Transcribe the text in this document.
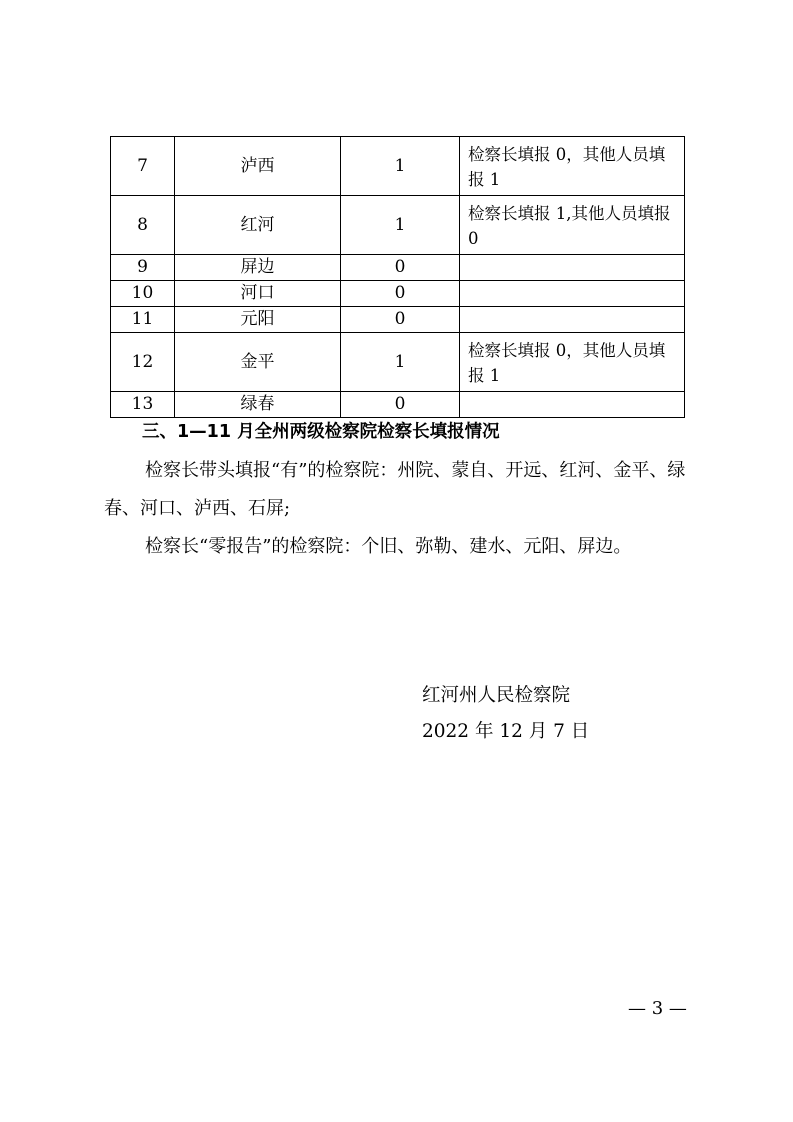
7	泸西	1	检察长填报 0，其他人员填报 1
8	红河	1	检察长填报 1,其他人员填报 0
9	屏边	0	
10	河口	0	
11	元阳	0	
12	金平	1	检察长填报 0，其他人员填报 1
13	绿春	0	
三、1—11 月全州两级检察院检察长填报情况
检察长带头填报“有”的检察院：州院、蒙自、开远、红河、金平、绿春、河口、泸西、石屏;
检察长“零报告”的检察院：个旧、弥勒、建水、元阳、屏边。
红河州人民检察院
2022 年 12 月 7 日
— 3 —
